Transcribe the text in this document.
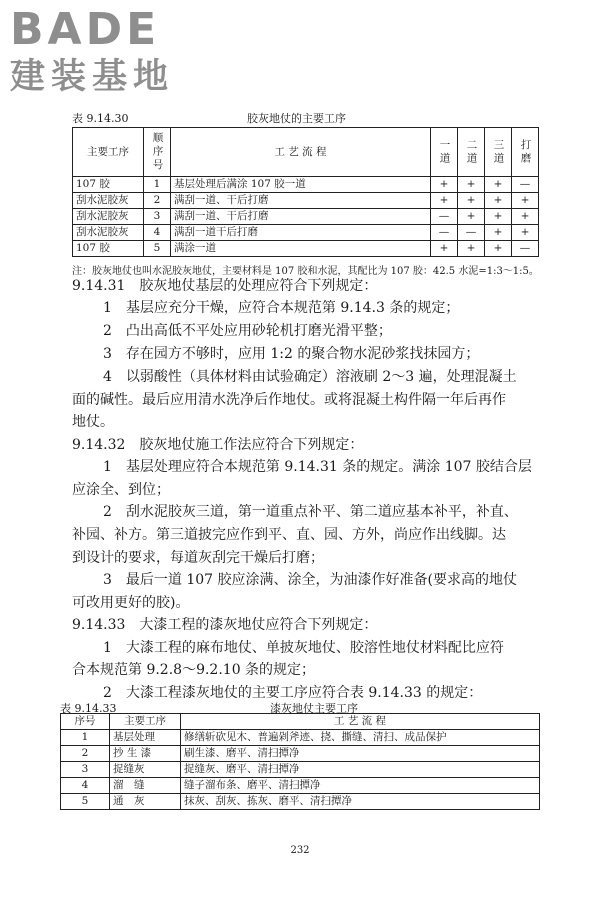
BADE
建装基地
表 9.14.30	胶灰地仗的主要工序
主要工序	顺序号	工 艺 流 程	一道	二道	三道	打磨
107 胶	1	基层处理后满涂 107 胶一道	+	+	+	—
刮水泥胶灰	2	满刮一道、干后打磨	+	+	+	+
刮水泥胶灰	3	满刮一道、干后打磨	—	+	+	+
刮水泥胶灰	4	满刮一道干后打磨	—	—	+	+
107 胶	5	满涂一道	+	+	+	—
注：胶灰地仗也叫水泥胶灰地仗，主要材料是 107 胶和水泥，其配比为 107 胶：42.5 水泥=1:3～1:5。
9.14.31　胶灰地仗基层的处理应符合下列规定：
1　基层应充分干燥，应符合本规范第 9.14.3 条的规定；
2　凸出高低不平处应用砂轮机打磨光滑平整；
3　存在园方不够时，应用 1:2 的聚合物水泥砂浆找抹园方；
4　以弱酸性（具体材料由试验确定）溶液刷 2～3 遍，处理混凝土
面的碱性。最后应用清水洗净后作地仗。或将混凝土构件隔一年后再作
地仗。
9.14.32　胶灰地仗施工作法应符合下列规定：
1　基层处理应符合本规范第 9.14.31 条的规定。满涂 107 胶结合层
应涂全、到位；
2　刮水泥胶灰三道，第一道重点补平、第二道应基本补平，补直、
补园、补方。第三道披完应作到平、直、园、方外，尚应作出线脚。达
到设计的要求，每道灰刮完干燥后打磨；
3　最后一道 107 胶应涂满、涂全，为油漆作好准备(要求高的地仗
可改用更好的胶)。
9.14.33　大漆工程的漆灰地仗应符合下列规定：
1　大漆工程的麻布地仗、单披灰地仗、胶溶性地仗材料配比应符
合本规范第 9.2.8～9.2.10 条的规定；
2　大漆工程漆灰地仗的主要工序应符合表 9.14.33 的规定：
表 9.14.33	漆灰地仗主要工序
序号	主要工序	工 艺 流 程
1	基层处理	修缮斩砍见木、普遍剁斧迹、挠、撕缝、清扫、成品保护
2	抄 生 漆	刷生漆、磨平、清扫撢净
3	捉缝灰	捉缝灰、磨平、清扫撢净
4	溜　缝	缝子溜布条、磨平、清扫撢净
5	通　灰	抹灰、刮灰、拣灰、磨平、清扫撢净
232
